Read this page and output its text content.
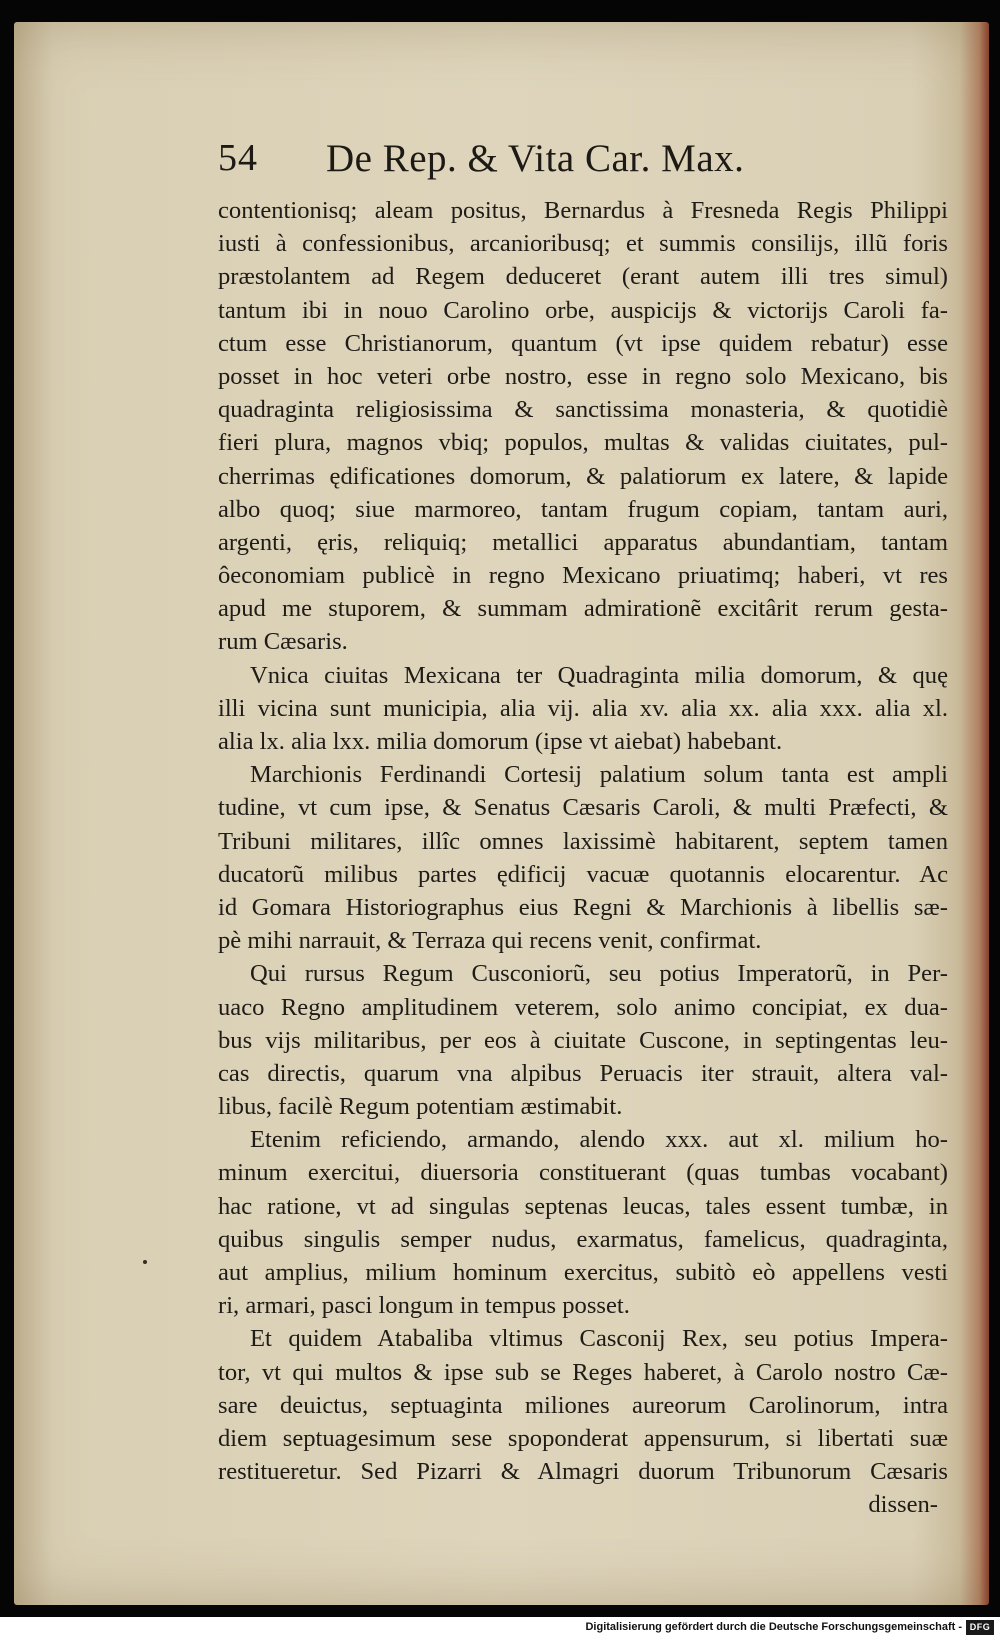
54 De Rep. & Vita Car. Max.
contentionisq; aleam positus, Bernardus à Fresneda Regis Philippi
iusti à confessionibus, arcanioribusq; et summis consilijs, illũ foris
præstolantem ad Regem deduceret (erant autem illi tres simul)
tantum ibi in nouo Carolino orbe, auspicijs & victorijs Caroli fa-
ctum esse Christianorum, quantum (vt ipse quidem rebatur) esse
posset in hoc veteri orbe nostro, esse in regno solo Mexicano, bis
quadraginta religiosissima & sanctissima monasteria, & quotidiè
fieri plura, magnos vbiq; populos, multas & validas ciuitates, pul-
cherrimas ędificationes domorum, & palatiorum ex latere, & lapide
albo quoq; siue marmoreo, tantam frugum copiam, tantam auri,
argenti, ęris, reliquiq; metallici apparatus abundantiam, tantam
ôeconomiam publicè in regno Mexicano priuatimq; haberi, vt res
apud me stuporem, & summam admirationẽ excitârit rerum gesta-
rum Cæsaris.
Vnica ciuitas Mexicana ter Quadraginta milia domorum, & quę
illi vicina sunt municipia, alia vij. alia xv. alia xx. alia xxx. alia xl.
alia lx. alia lxx. milia domorum (ipse vt aiebat) habebant.
Marchionis Ferdinandi Cortesij palatium solum tanta est ampli
tudine, vt cum ipse, & Senatus Cæsaris Caroli, & multi Præfecti, &
Tribuni militares, illîc omnes laxissimè habitarent, septem tamen
ducatorũ milibus partes ędificij vacuæ quotannis elocarentur. Ac
id Gomara Historiographus eius Regni & Marchionis à libellis sæ-
pè mihi narrauit, & Terraza qui recens venit, confirmat.
Qui rursus Regum Cusconiorũ, seu potius Imperatorũ, in Per-
uaco Regno amplitudinem veterem, solo animo concipiat, ex dua-
bus vijs militaribus, per eos à ciuitate Cuscone, in septingentas leu-
cas directis, quarum vna alpibus Peruacis iter strauit, altera val-
libus, facilè Regum potentiam æstimabit.
Etenim reficiendo, armando, alendo xxx. aut xl. milium ho-
minum exercitui, diuersoria constituerant (quas tumbas vocabant)
hac ratione, vt ad singulas septenas leucas, tales essent tumbæ, in
quibus singulis semper nudus, exarmatus, famelicus, quadraginta,
aut amplius, milium hominum exercitus, subitò eò appellens vesti
ri, armari, pasci longum in tempus posset.
Et quidem Atabaliba vltimus Casconij Rex, seu potius Impera-
tor, vt qui multos & ipse sub se Reges haberet, à Carolo nostro Cæ-
sare deuictus, septuaginta miliones aureorum Carolinorum, intra
diem septuagesimum sese spoponderat appensurum, si libertati suæ
restitueretur. Sed Pizarri & Almagri duorum Tribunorum Cæsaris
dissen-
Digitalisierung gefördert durch die Deutsche Forschungsgemeinschaft - DFG
